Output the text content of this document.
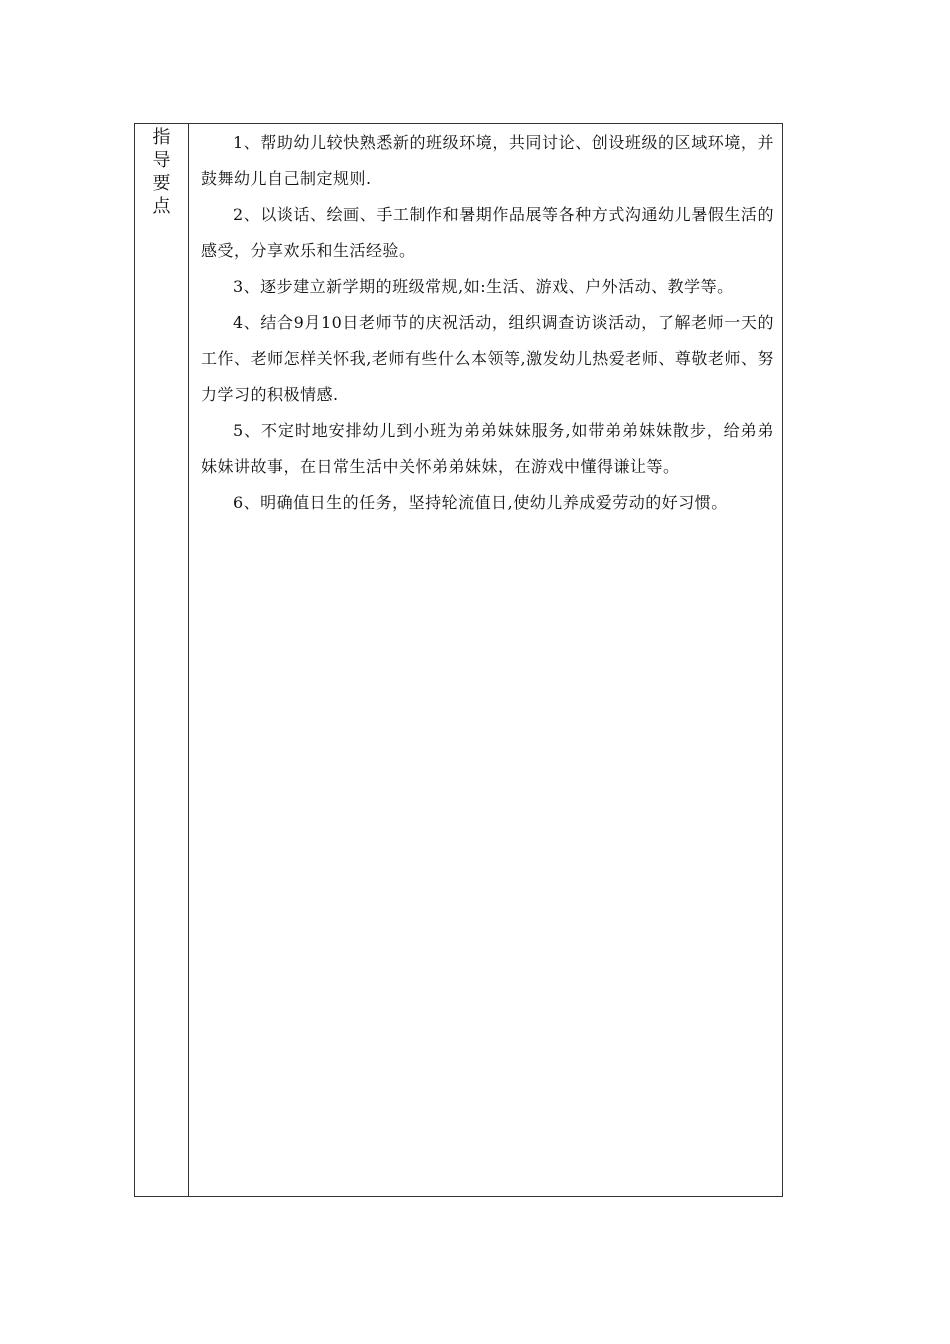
指
导
要
点

1、帮助幼儿较快熟悉新的班级环境，共同讨论、创设班级的区域环境，并鼓舞幼儿自己制定规则.

2、以谈话、绘画、手工制作和暑期作品展等各种方式沟通幼儿暑假生活的感受，分享欢乐和生活经验。

3、逐步建立新学期的班级常规,如:生活、游戏、户外活动、教学等。

4、结合9月10日老师节的庆祝活动，组织调查访谈活动，了解老师一天的工作、老师怎样关怀我,老师有些什么本领等,激发幼儿热爱老师、尊敬老师、努力学习的积极情感.

5、不定时地安排幼儿到小班为弟弟妹妹服务,如带弟弟妹妹散步，给弟弟妹妹讲故事，在日常生活中关怀弟弟妹妹，在游戏中懂得谦让等。

6、明确值日生的任务，坚持轮流值日,使幼儿养成爱劳动的好习惯。
